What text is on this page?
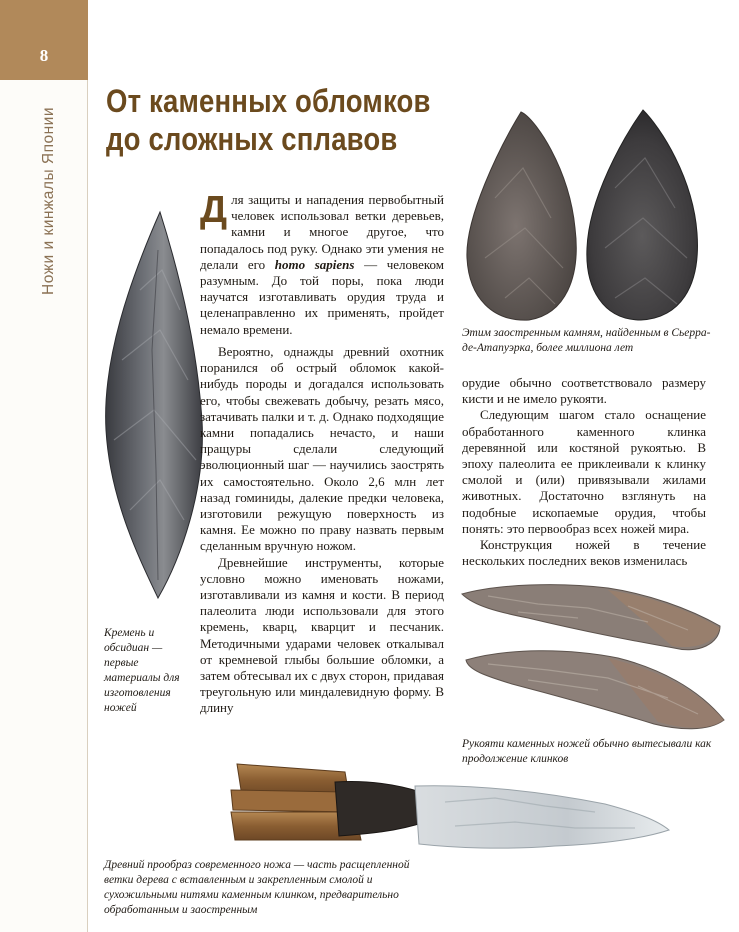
8
Ножи и кинжалы Японии
От каменных обломков
до сложных сплавов

Для защиты и нападения первобытный человек использовал ветки деревьев, камни и многое другое, что попадалось под руку. Однако эти умения не делали его homo sapiens — человеком разумным. До той поры, пока люди научатся изготавливать орудия труда и целенаправленно их применять, пройдет немало времени.

Вероятно, однажды древний охотник поранился об острый обломок какой-нибудь породы и догадался использовать его, чтобы свежевать добычу, резать мясо, затачивать палки и т. д. Однако подходящие камни попадались нечасто, и наши пращуры сделали следующий эволюционный шаг — научились заострять их самостоятельно. Около 2,6 млн лет назад гоминиды, далекие предки человека, изготовили режущую поверхность из камня. Ее можно по праву назвать первым сделанным вручную ножом.

Древнейшие инструменты, которые условно можно именовать ножами, изготавливали из камня и кости. В период палеолита люди использовали для этого кремень, кварц, кварцит и песчаник. Методичными ударами человек откалывал от кремневой глыбы большие обломки, а затем обтесывал их с двух сторон, придавая треугольную или миндалевидную форму. В длину

орудие обычно соответствовало размеру кисти и не имело рукояти.

Следующим шагом стало оснащение обработанного каменного клинка деревянной или костяной рукоятью. В эпоху палеолита ее приклеивали к клинку смолой и (или) привязывали жилами животных. Достаточно взглянуть на подобные ископаемые орудия, чтобы понять: это первообраз всех ножей мира.

Конструкция ножей в течение нескольких последних веков изменилась

Кремень и обсидиан — первые материалы для изготовления ножей
Этим заостренным камням, найденным в Сьерра-де-Атапуэрка, более миллиона лет
Рукояти каменных ножей обычно вытесывали как продолжение клинков
Древний прообраз современного ножа — часть расщепленной ветки дерева с вставленным и закрепленным смолой и сухожильными нитями каменным клинком, предварительно обработанным и заостренным
